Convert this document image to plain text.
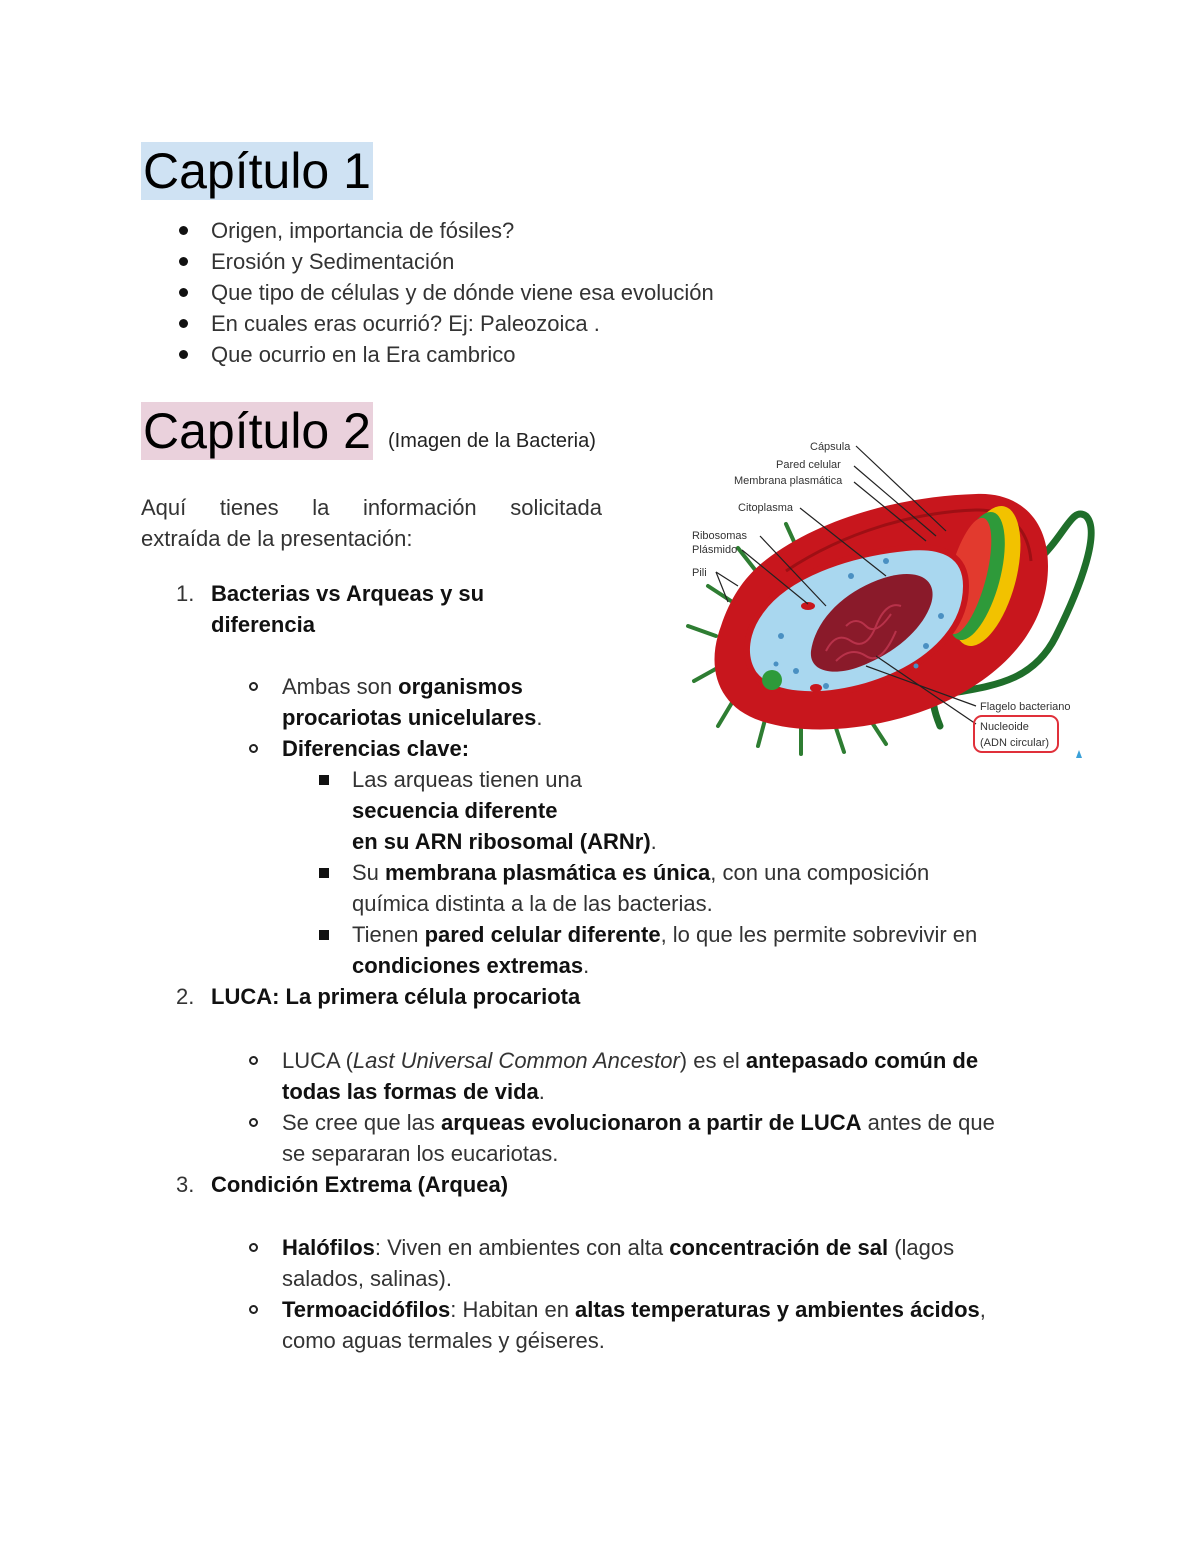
Capítulo 1
Origen, importancia de fósiles?
Erosión y Sedimentación
Que tipo de células y de dónde viene esa evolución
En cuales eras ocurrió? Ej: Paleozoica .
Que ocurrio en la Era cambrico
Capítulo 2 (Imagen de la Bacteria)
Aquí tienes la información solicitada
extraída de la presentación:
1. Bacterias vs Arqueas y su
diferencia
Ambas son organismos
procariotas unicelulares.
Diferencias clave:
Las arqueas tienen una
secuencia diferente
en su ARN ribosomal (ARNr).
Su membrana plasmática es única, con una composición
química distinta a la de las bacterias.
Tienen pared celular diferente, lo que les permite sobrevivir en
condiciones extremas.
2. LUCA: La primera célula procariota
LUCA (Last Universal Common Ancestor) es el antepasado común de
todas las formas de vida.
Se cree que las arqueas evolucionaron a partir de LUCA antes de que
se separaran los eucariotas.
3. Condición Extrema (Arquea)
Halófilos: Viven en ambientes con alta concentración de sal (lagos
salados, salinas).
Termoacidófilos: Habitan en altas temperaturas y ambientes ácidos,
como aguas termales y géiseres.
Cápsula
Pared celular
Membrana plasmática
Citoplasma
Ribosomas
Plásmido
Pili
Flagelo bacteriano
Nucleoide
(ADN circular)
